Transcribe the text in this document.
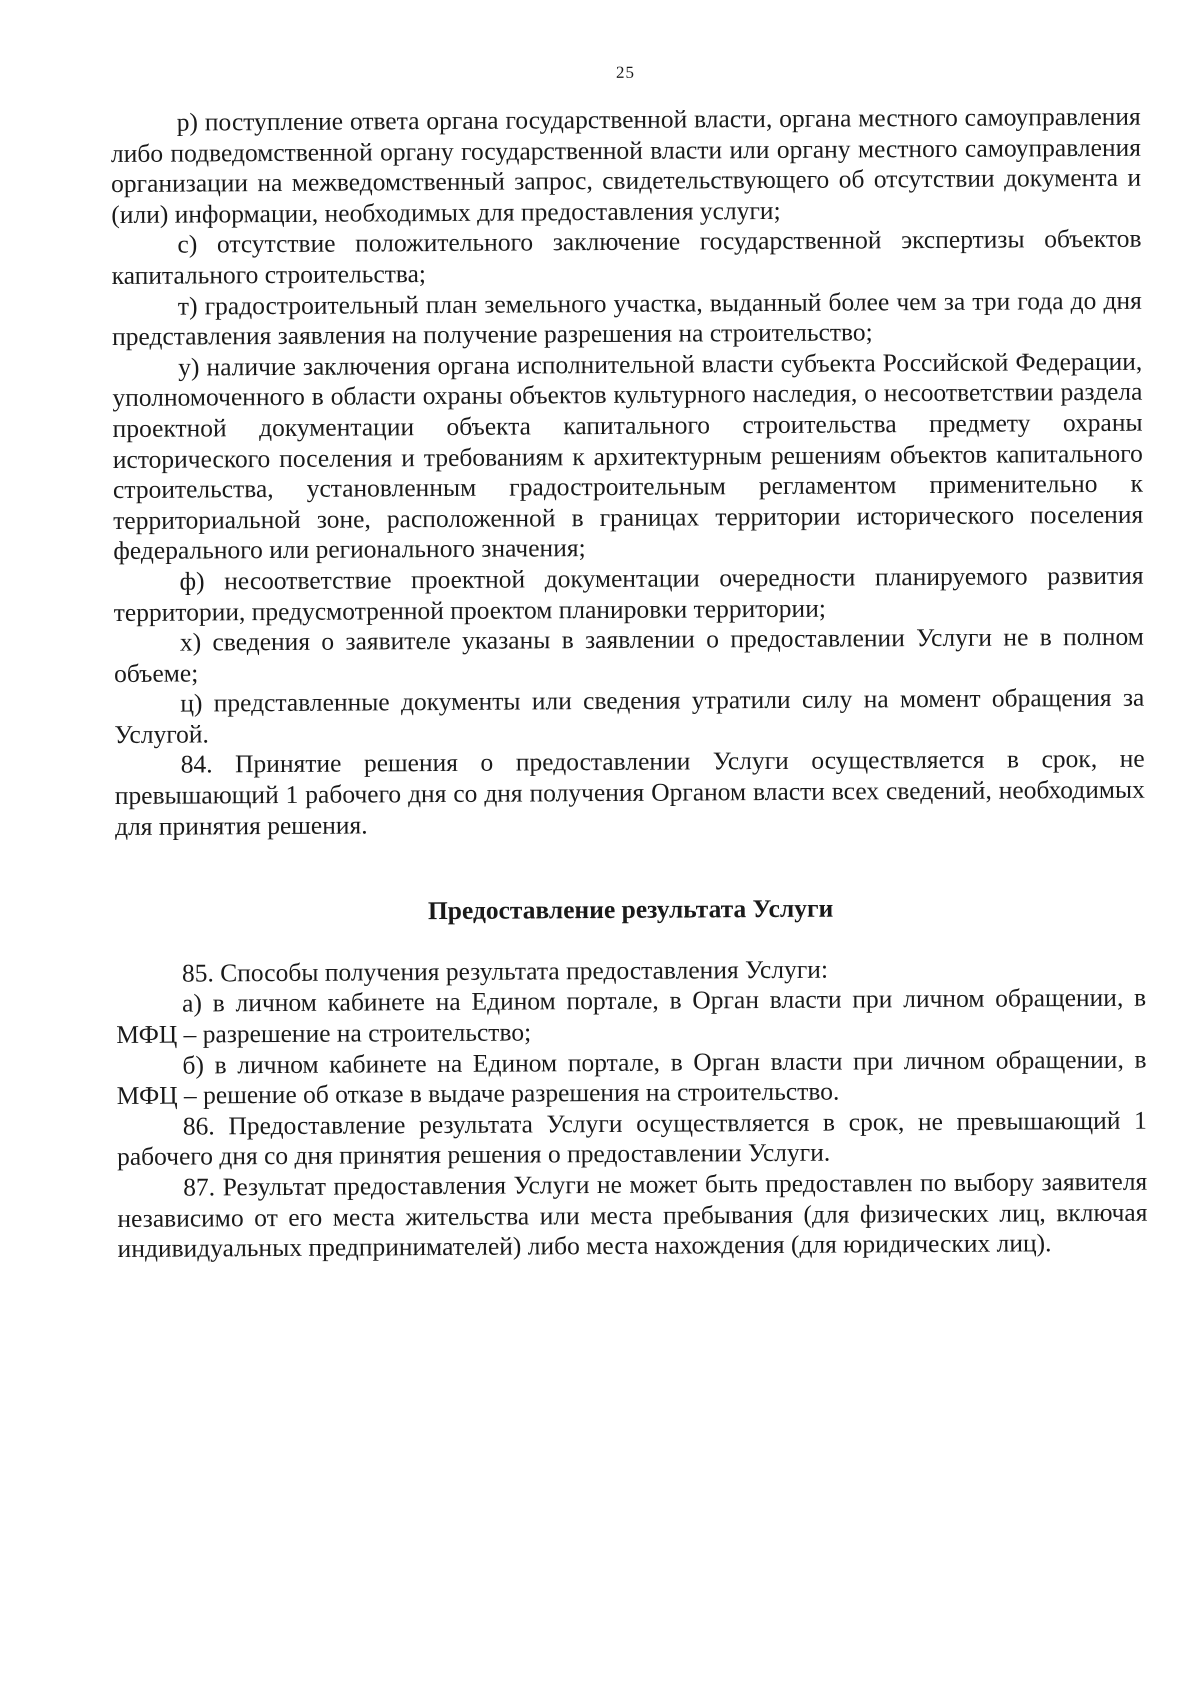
25

р) поступление ответа органа государственной власти, органа местного самоуправления либо подведомственной органу государственной власти или органу местного самоуправления организации на межведомственный запрос, свидетельствующего об отсутствии документа и (или) информации, необходимых для предоставления услуги;

с) отсутствие положительного заключение государственной экспертизы объектов капитального строительства;

т) градостроительный план земельного участка, выданный более чем за три года до дня представления заявления на получение разрешения на строительство;

у) наличие заключения органа исполнительной власти субъекта Российской Федерации, уполномоченного в области охраны объектов культурного наследия, о несоответствии раздела проектной документации объекта капитального строительства предмету охраны исторического поселения и требованиям к архитектурным решениям объектов капитального строительства, установленным градостроительным регламентом применительно к территориальной зоне, расположенной в границах территории исторического поселения федерального или регионального значения;

ф) несоответствие проектной документации очередности планируемого развития территории, предусмотренной проектом планировки территории;

х) сведения о заявителе указаны в заявлении о предоставлении Услуги не в полном объеме;

ц) представленные документы или сведения утратили силу на момент обращения за Услугой.

84. Принятие решения о предоставлении Услуги осуществляется в срок, не превышающий 1 рабочего дня со дня получения Органом власти всех сведений, необходимых для принятия решения.

Предоставление результата Услуги

85. Способы получения результата предоставления Услуги:

а) в личном кабинете на Едином портале, в Орган власти при личном обращении, в МФЦ – разрешение на строительство;

б) в личном кабинете на Едином портале, в Орган власти при личном обращении, в МФЦ – решение об отказе в выдаче разрешения на строительство.

86. Предоставление результата Услуги осуществляется в срок, не превышающий 1 рабочего дня со дня принятия решения о предоставлении Услуги.

87. Результат предоставления Услуги не может быть предоставлен по выбору заявителя независимо от его места жительства или места пребывания (для физических лиц, включая индивидуальных предпринимателей) либо места нахождения (для юридических лиц).
